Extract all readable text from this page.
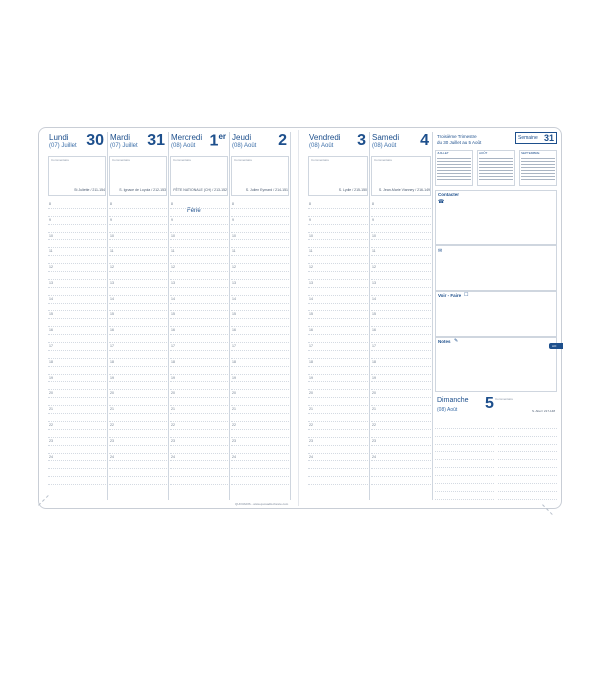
Lundi
(07) Juillet 30
Commentaire
St Juliette / 211-154
8
9
10
11
12
13
14
15
16
17
18
19
20
21
22
23
24
Mardi
(07) Juillet 31
Commentaire
S. Ignace de Loyola / 212-153
8
9
10
11
12
13
14
15
16
17
18
19
20
21
22
23
24
Mercredi
(08) Août 1er
Commentaire
FÊTE NATIONALE (CH) / 213-152
Férié
8
9
10
11
12
13
14
15
16
17
18
19
20
21
22
23
24
Jeudi
(08) Août 2
Commentaire
S. Julien Eymard / 214-151
8
9
10
11
12
13
14
15
16
17
18
19
20
21
22
23
24
QUOVADIS - www.quovadis-france.com
Vendredi
(08) Août 3
Commentaire
S. Lydie / 215-150
8
9
10
11
12
13
14
15
16
17
18
19
20
21
22
23
24
Samedi
(08) Août 4
Commentaire
S. Jean-Marie Vianney / 216-149
8
9
10
11
12
13
14
15
16
17
18
19
20
21
22
23
24
Troisième Trimestre
du 30 Juillet au 5 Août
Semaine 31
JUILLET	AOÛT	SEPTEMBRE
Contacter
☎
✉
Voir - Faire ☐
Notes ✎
Dimanche
(08) Août 5 Commentaire
S. Abel / 217-148
AO
